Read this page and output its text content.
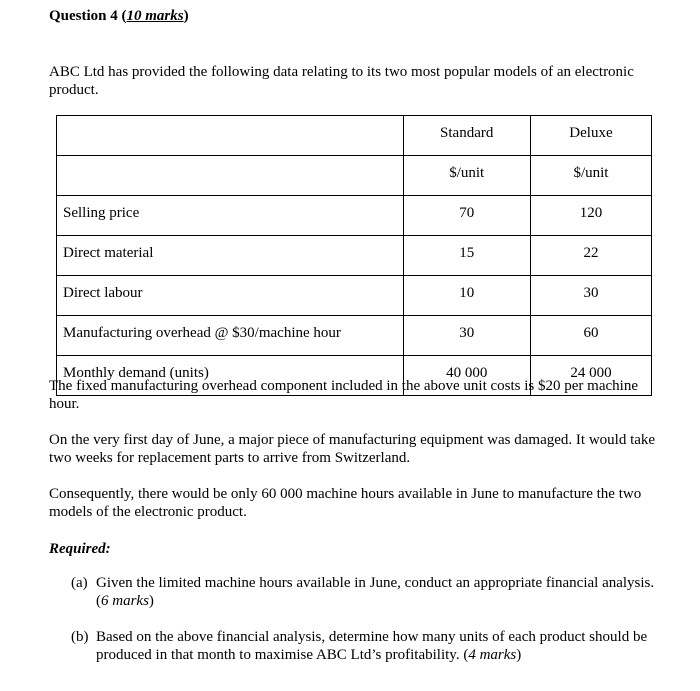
Question 4 (10 marks)
ABC Ltd has provided the following data relating to its two most popular models of an electronic product.
	Standard	Deluxe
	$/unit	$/unit
Selling price	70	120
Direct material	15	22
Direct labour	10	30
Manufacturing overhead @ $30/machine hour	30	60
Monthly demand (units)	40 000	24 000
The fixed manufacturing overhead component included in the above unit costs is $20 per machine hour.
On the very first day of June, a major piece of manufacturing equipment was damaged. It would take two weeks for replacement parts to arrive from Switzerland.
Consequently, there would be only 60 000 machine hours available in June to manufacture the two models of the electronic product.
Required:
(a) Given the limited machine hours available in June, conduct an appropriate financial analysis. (6 marks)
(b) Based on the above financial analysis, determine how many units of each product should be produced in that month to maximise ABC Ltd’s profitability. (4 marks)
